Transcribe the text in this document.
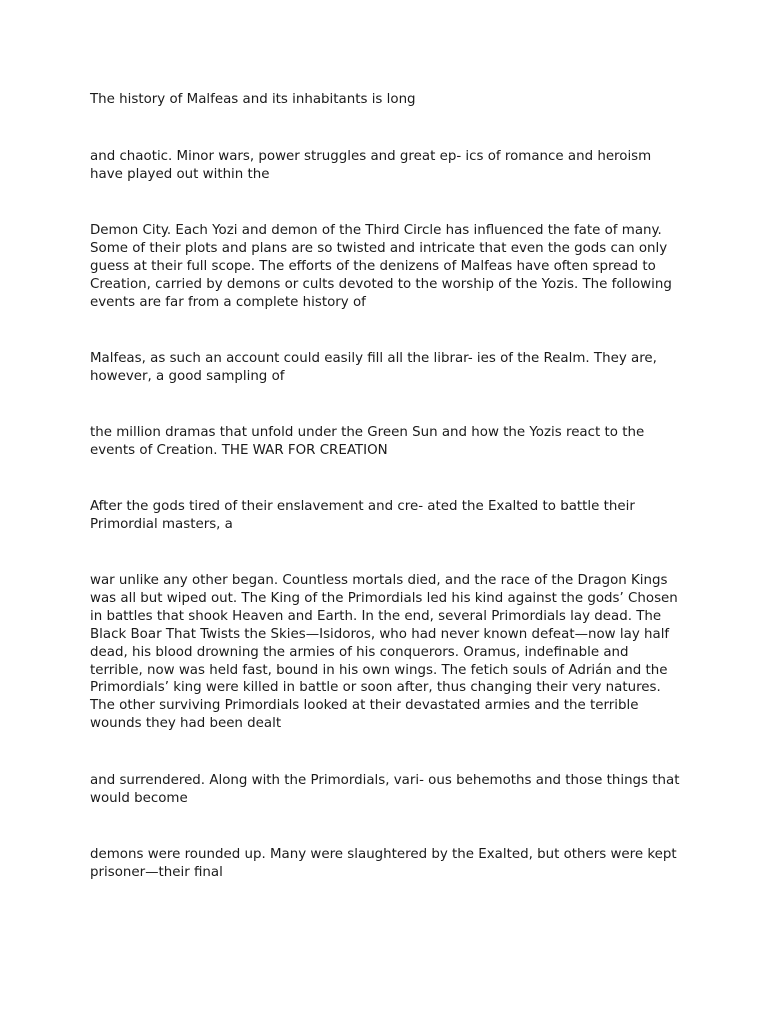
The history of Malfeas and its inhabitants is long

and chaotic. Minor wars, power struggles and great ep- ics of romance and heroism have played out within the

Demon City. Each Yozi and demon of the Third Circle has influenced the fate of many. Some of their plots and plans are so twisted and intricate that even the gods can only guess at their full scope. The efforts of the denizens of Malfeas have often spread to Creation, carried by demons or cults devoted to the worship of the Yozis. The following events are far from a complete history of

Malfeas, as such an account could easily fill all the librar- ies of the Realm. They are, however, a good sampling of

the million dramas that unfold under the Green Sun and how the Yozis react to the events of Creation. THE WAR FOR CREATION

After the gods tired of their enslavement and cre- ated the Exalted to battle their Primordial masters, a

war unlike any other began. Countless mortals died, and the race of the Dragon Kings was all but wiped out. The King of the Primordials led his kind against the gods’ Chosen in battles that shook Heaven and Earth. In the end, several Primordials lay dead. The Black Boar That Twists the Skies—Isidoros, who had never known defeat—now lay half dead, his blood drowning the armies of his conquerors. Oramus, indefinable and terrible, now was held fast, bound in his own wings. The fetich souls of Adrián and the Primordials’ king were killed in battle or soon after, thus changing their very natures. The other surviving Primordials looked at their devastated armies and the terrible wounds they had been dealt

and surrendered. Along with the Primordials, vari- ous behemoths and those things that would become

demons were rounded up. Many were slaughtered by the Exalted, but others were kept prisoner—their final
